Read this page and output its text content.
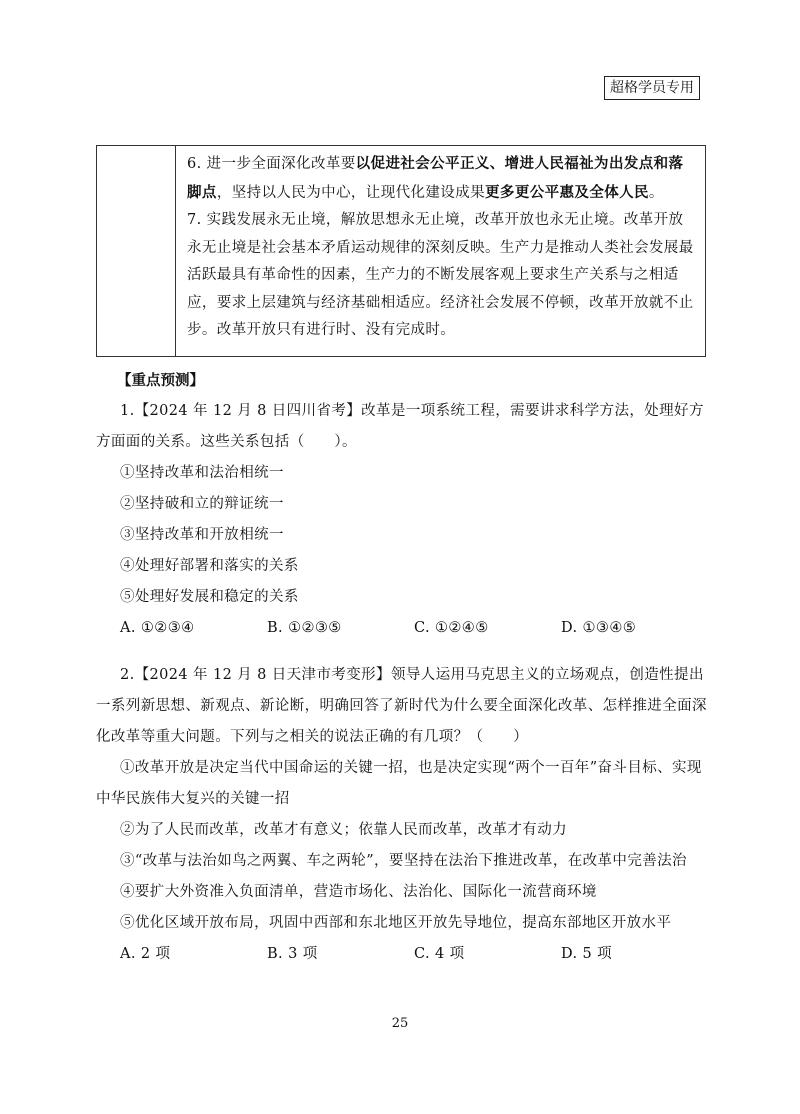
超格学员专用

6. 进一步全面深化改革要以促进社会公平正义、增进人民福祉为出发点和落脚点，坚持以人民为中心，让现代化建设成果更多更公平惠及全体人民。

7. 实践发展永无止境，解放思想永无止境，改革开放也永无止境。改革开放永无止境是社会基本矛盾运动规律的深刻反映。生产力是推动人类社会发展最活跃最具有革命性的因素，生产力的不断发展客观上要求生产关系与之相适应，要求上层建筑与经济基础相适应。经济社会发展不停顿，改革开放就不止步。改革开放只有进行时、没有完成时。

【重点预测】

1.【2024 年 12 月 8 日四川省考】改革是一项系统工程，需要讲求科学方法，处理好方方面面的关系。这些关系包括（　　）。

①坚持改革和法治相统一

②坚持破和立的辩证统一

③坚持改革和开放相统一

④处理好部署和落实的关系

⑤处理好发展和稳定的关系

A. ①②③④	B. ①②③⑤	C. ①②④⑤	D. ①③④⑤

2.【2024 年 12 月 8 日天津市考变形】领导人运用马克思主义的立场观点，创造性提出一系列新思想、新观点、新论断，明确回答了新时代为什么要全面深化改革、怎样推进全面深化改革等重大问题。下列与之相关的说法正确的有几项？（　　）

①改革开放是决定当代中国命运的关键一招，也是决定实现“两个一百年”奋斗目标、实现中华民族伟大复兴的关键一招

②为了人民而改革，改革才有意义；依靠人民而改革，改革才有动力

③“改革与法治如鸟之两翼、车之两轮”，要坚持在法治下推进改革，在改革中完善法治

④要扩大外资准入负面清单，营造市场化、法治化、国际化一流营商环境

⑤优化区域开放布局，巩固中西部和东北地区开放先导地位，提高东部地区开放水平

A. 2 项	B. 3 项	C. 4 项	D. 5 项
25
